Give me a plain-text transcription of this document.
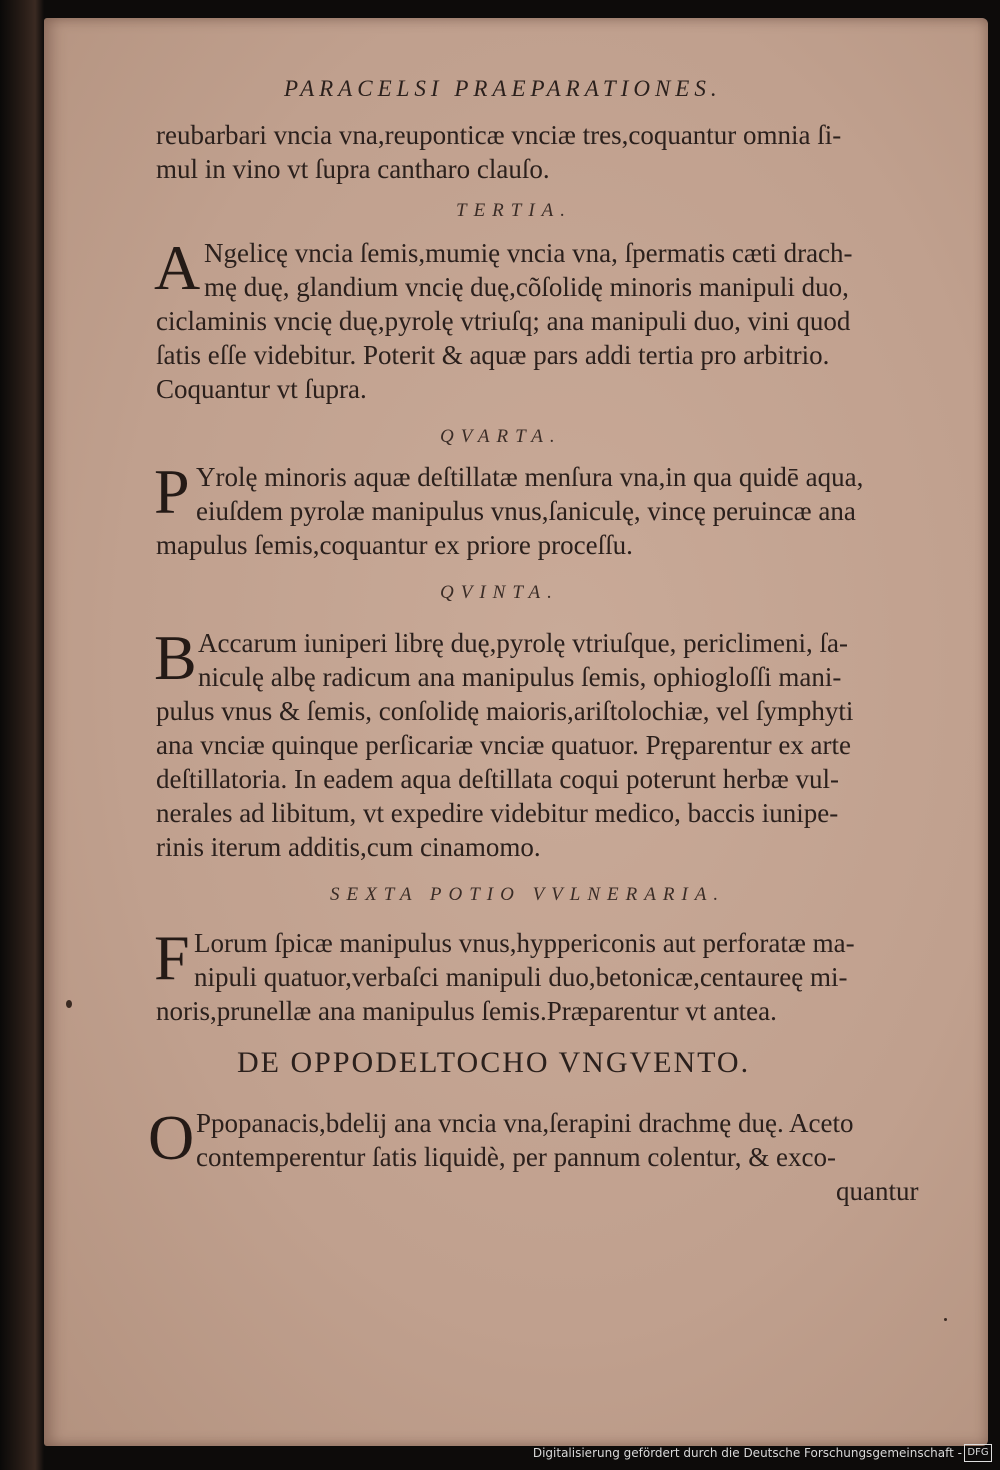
PARACELSI PRAEPARATIONES.
reubarbari vncia vna,reuponticæ vnciæ tres,coquantur omnia ſi-
mul in vino vt ſupra cantharo clauſo.
TERTIA.
A Ngelicę vncia ſemis,mumię vncia vna, ſpermatis cæti drach-
mę duę, glandium vncię duę,cõſolidę minoris manipuli duo,
ciclaminis vncię duę,pyrolę vtriuſq; ana manipuli duo, vini quod
ſatis eſſe videbitur. Poterit & aquæ pars addi tertia pro arbitrio.
Coquantur vt ſupra.
QVARTA.
P Yrolę minoris aquæ deſtillatæ menſura vna,in qua quidē aqua,
eiuſdem pyrolæ manipulus vnus,ſaniculę, vincę peruincæ ana
mapulus ſemis,coquantur ex priore proceſſu.
QVINTA.
B Accarum iuniperi librę duę,pyrolę vtriuſque, periclimeni, ſa-
niculę albę radicum ana manipulus ſemis, ophiogloſſi mani-
pulus vnus & ſemis, conſolidę maioris,ariſtolochiæ, vel ſymphyti
ana vnciæ quinque perſicariæ vnciæ quatuor. Pręparentur ex arte
deſtillatoria. In eadem aqua deſtillata coqui poterunt herbæ vul-
nerales ad libitum, vt expedire videbitur medico, baccis iunipe-
rinis iterum additis,cum cinamomo.
SEXTA POTIO VVLNERARIA.
F Lorum ſpicæ manipulus vnus,hyppericonis aut perforatæ ma-
nipuli quatuor,verbaſci manipuli duo,betonicæ,centaureę mi-
noris,prunellæ ana manipulus ſemis.Præparentur vt antea.
DE OPPODELTOCHO VNGVENTO.
O Ppopanacis,bdelij ana vncia vna,ſerapini drachmę duę. Aceto
contemperentur ſatis liquidè, per pannum colentur, & exco-
quantur
Digitalisierung gefördert durch die Deutsche Forschungsgemeinschaft - DFG
